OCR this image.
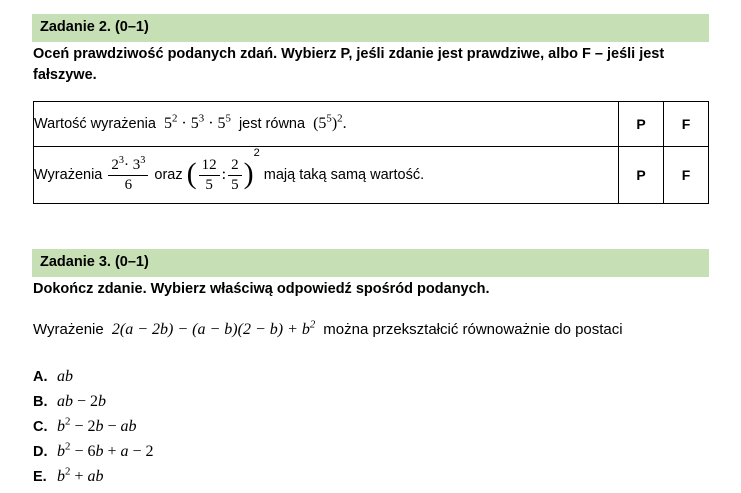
Zadanie 2. (0–1)
Oceń prawdziwość podanych zdań. Wybierz P, jeśli zdanie jest prawdziwe, albo F – jeśli jest fałszywe.
Wartość wyrażenia  $5^2 \cdot 5^3 \cdot 5^5$ jest równa  $(5^5)^2$.	P	F
Wyrażenia $\frac{2^3\cdot 3^3}{6}$ oraz ( $\frac{12}{5}$ : $\frac{2}{5} )^2$ mają taką samą wartość.	P	F
Zadanie 3. (0–1)
Dokończ zdanie. Wybierz właściwą odpowiedź spośród podanych.
Wyrażenie  $2(a - 2b) - (a - b)(2 - b) + b^2$ można przekształcić równoważnie do postaci
A. ab
B. ab − 2b
C. $b^2 - 2b$ − ab
D. $b^2 - 6b + a - 2$
E. $b^2$ + ab
